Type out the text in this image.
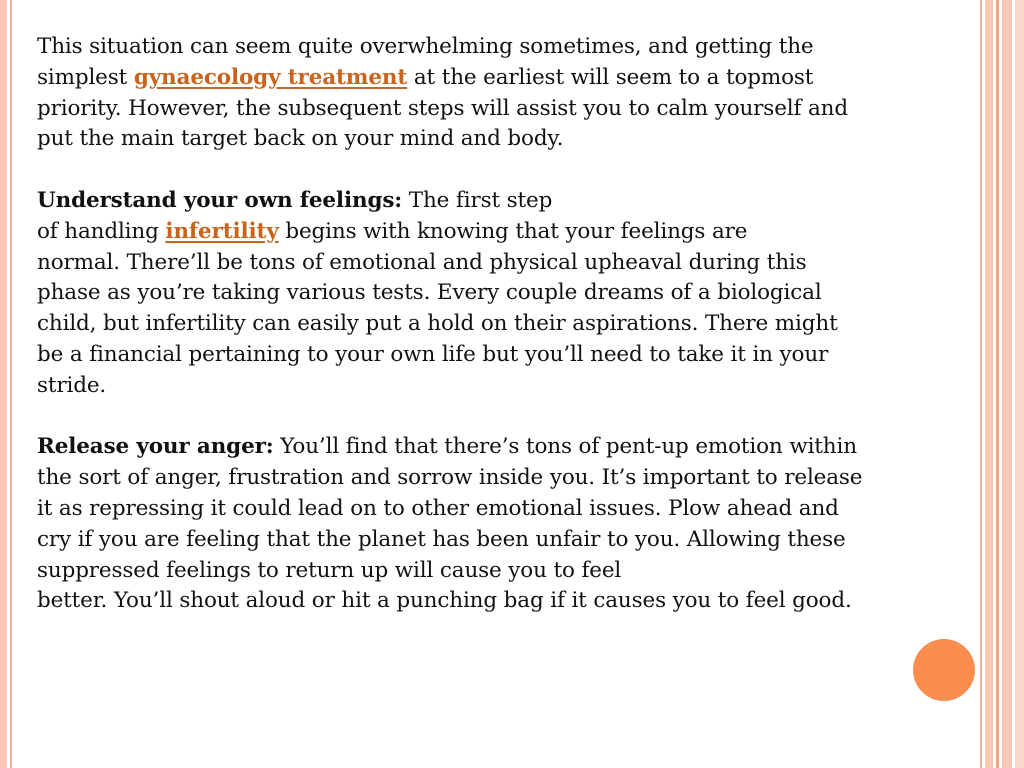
This situation can seem quite overwhelming sometimes, and getting the
simplest gynaecology treatment at the earliest will seem to a topmost
priority. However, the subsequent steps will assist you to calm yourself and
put the main target back on your mind and body.

Understand your own feelings: The first step
of handling infertility begins with knowing that your feelings are
normal. There’ll be tons of emotional and physical upheaval during this
phase as you’re taking various tests. Every couple dreams of a biological
child, but infertility can easily put a hold on their aspirations. There might
be a financial pertaining to your own life but you’ll need to take it in your
stride.

Release your anger: You’ll find that there’s tons of pent-up emotion within
the sort of anger, frustration and sorrow inside you. It’s important to release
it as repressing it could lead on to other emotional issues. Plow ahead and
cry if you are feeling that the planet has been unfair to you. Allowing these
suppressed feelings to return up will cause you to feel
better. You’ll shout aloud or hit a punching bag if it causes you to feel good.
